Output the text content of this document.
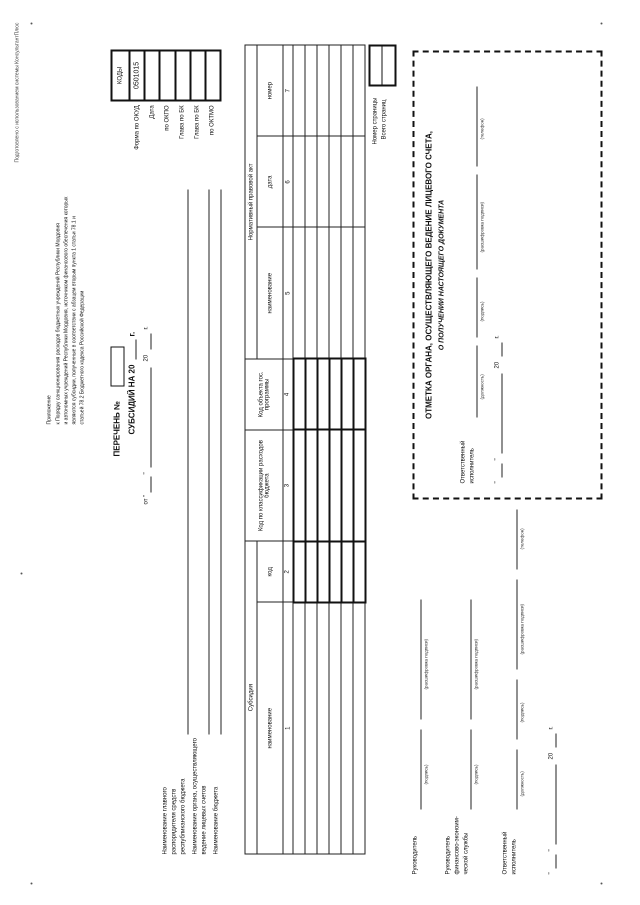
Подготовлено с использованием системы КонсультантПлюс
Приложение к Порядку санкционирования расходов бюджетных учреждений Республики Мордовия и автономных учреждений Республики Мордовия, источником финансового обеспечения которых являются субсидии, полученные в соответствии с абзацем вторым пункта 1 статьи 78.1 и статьей 78.2 Бюджетного кодекса Российской Федерации
	КОДЫ
Форма по ОКУД	0501015
Дата	
по ОКПО	
Глава по БК	
Глава по БК	
по ОКТМО	
ПЕРЕЧЕНЬ № СУБСИДИЙ НА 20
г.
от "
"
20
г.
Наименование главного распорядителя средств республиканского бюджета Наименование органа, осуществляющего ведение лицевых счетов Наименование бюджета
Субсидия		Код по классификации расходов бюджета	Код объекта гос. программы	Нормативный правовой акт		
наименование	код			наименование	дата	номер
1	2	3	4	5	6	7

Номер страницы Всего страниц
Руководитель
(подпись)
(расшифровка подписи)
Руководитель финансово-эконоим- ческой службы
(подпись)
(расшифровка подписи)
Ответственный исполнитель
(должность)
(подпись)
(расшифровка подписи)
(телефон)
"
"
20
г.
ОТМЕТКА ОРГАНА, ОСУЩЕСТВЛЯЮЩЕГО ВЕДЕНИЕ ЛИЦЕВОГО СЧЕТА, О ПОЛУЧЕНИИ НАСТОЯЩЕГО ДОКУМЕНТА
Ответственный исполнитель
(должность)
(подпись)
(расшифровка подписи)
(телефон)
"
"
20
г.
